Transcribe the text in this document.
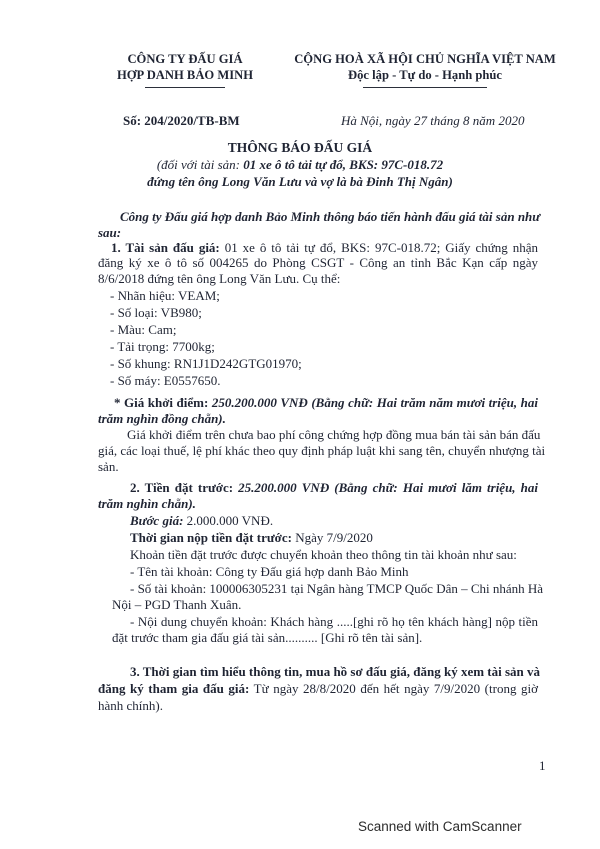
CÔNG TY ĐẤU GIÁ
HỢP DANH BẢO MINH
CỘNG HOÀ XÃ HỘI CHỦ NGHĨA VIỆT NAM
Độc lập - Tự do - Hạnh phúc
Số: 204/2020/TB-BM	Hà Nội, ngày 27 tháng 8 năm 2020
THÔNG BÁO ĐẤU GIÁ
(đối với tài sản: 01 xe ô tô tải tự đổ, BKS: 97C-018.72
đứng tên ông Long Văn Lưu và vợ là bà Đinh Thị Ngân)
Công ty Đấu giá hợp danh Bảo Minh thông báo tiến hành đấu giá tài sản như
sau:
1. Tài sản đấu giá: 01 xe ô tô tải tự đổ, BKS: 97C-018.72; Giấy chứng nhận
đăng ký xe ô tô số 004265 do Phòng CSGT - Công an tỉnh Bắc Kạn cấp ngày
8/6/2018 đứng tên ông Long Văn Lưu. Cụ thể:
- Nhãn hiệu: VEAM;
- Số loại: VB980;
- Màu: Cam;
- Tải trọng: 7700kg;
- Số khung: RN1J1D242GTG01970;
- Số máy: E0557650.
* Giá khởi điểm: 250.200.000 VNĐ (Bằng chữ: Hai trăm năm mươi triệu, hai
trăm nghìn đồng chẵn).
Giá khởi điểm trên chưa bao phí công chứng hợp đồng mua bán tài sản bán đấu
giá, các loại thuế, lệ phí khác theo quy định pháp luật khi sang tên, chuyển nhượng tài
sản.
2. Tiền đặt trước: 25.200.000 VNĐ (Bằng chữ: Hai mươi lăm triệu, hai
trăm nghìn chẵn).
Bước giá: 2.000.000 VNĐ.
Thời gian nộp tiền đặt trước: Ngày 7/9/2020
Khoản tiền đặt trước được chuyển khoản theo thông tin tài khoản như sau:
- Tên tài khoản: Công ty Đấu giá hợp danh Bảo Minh
- Số tài khoản: 100006305231 tại Ngân hàng TMCP Quốc Dân – Chi nhánh Hà
Nội – PGD Thanh Xuân.
- Nội dung chuyển khoản: Khách hàng .....[ghi rõ họ tên khách hàng] nộp tiền
đặt trước tham gia đấu giá tài sản.......... [Ghi rõ tên tài sản].
3. Thời gian tìm hiểu thông tin, mua hồ sơ đấu giá, đăng ký xem tài sản và
đăng ký tham gia đấu giá: Từ ngày 28/8/2020 đến hết ngày 7/9/2020 (trong giờ
hành chính).
1
Scanned with CamScanner
